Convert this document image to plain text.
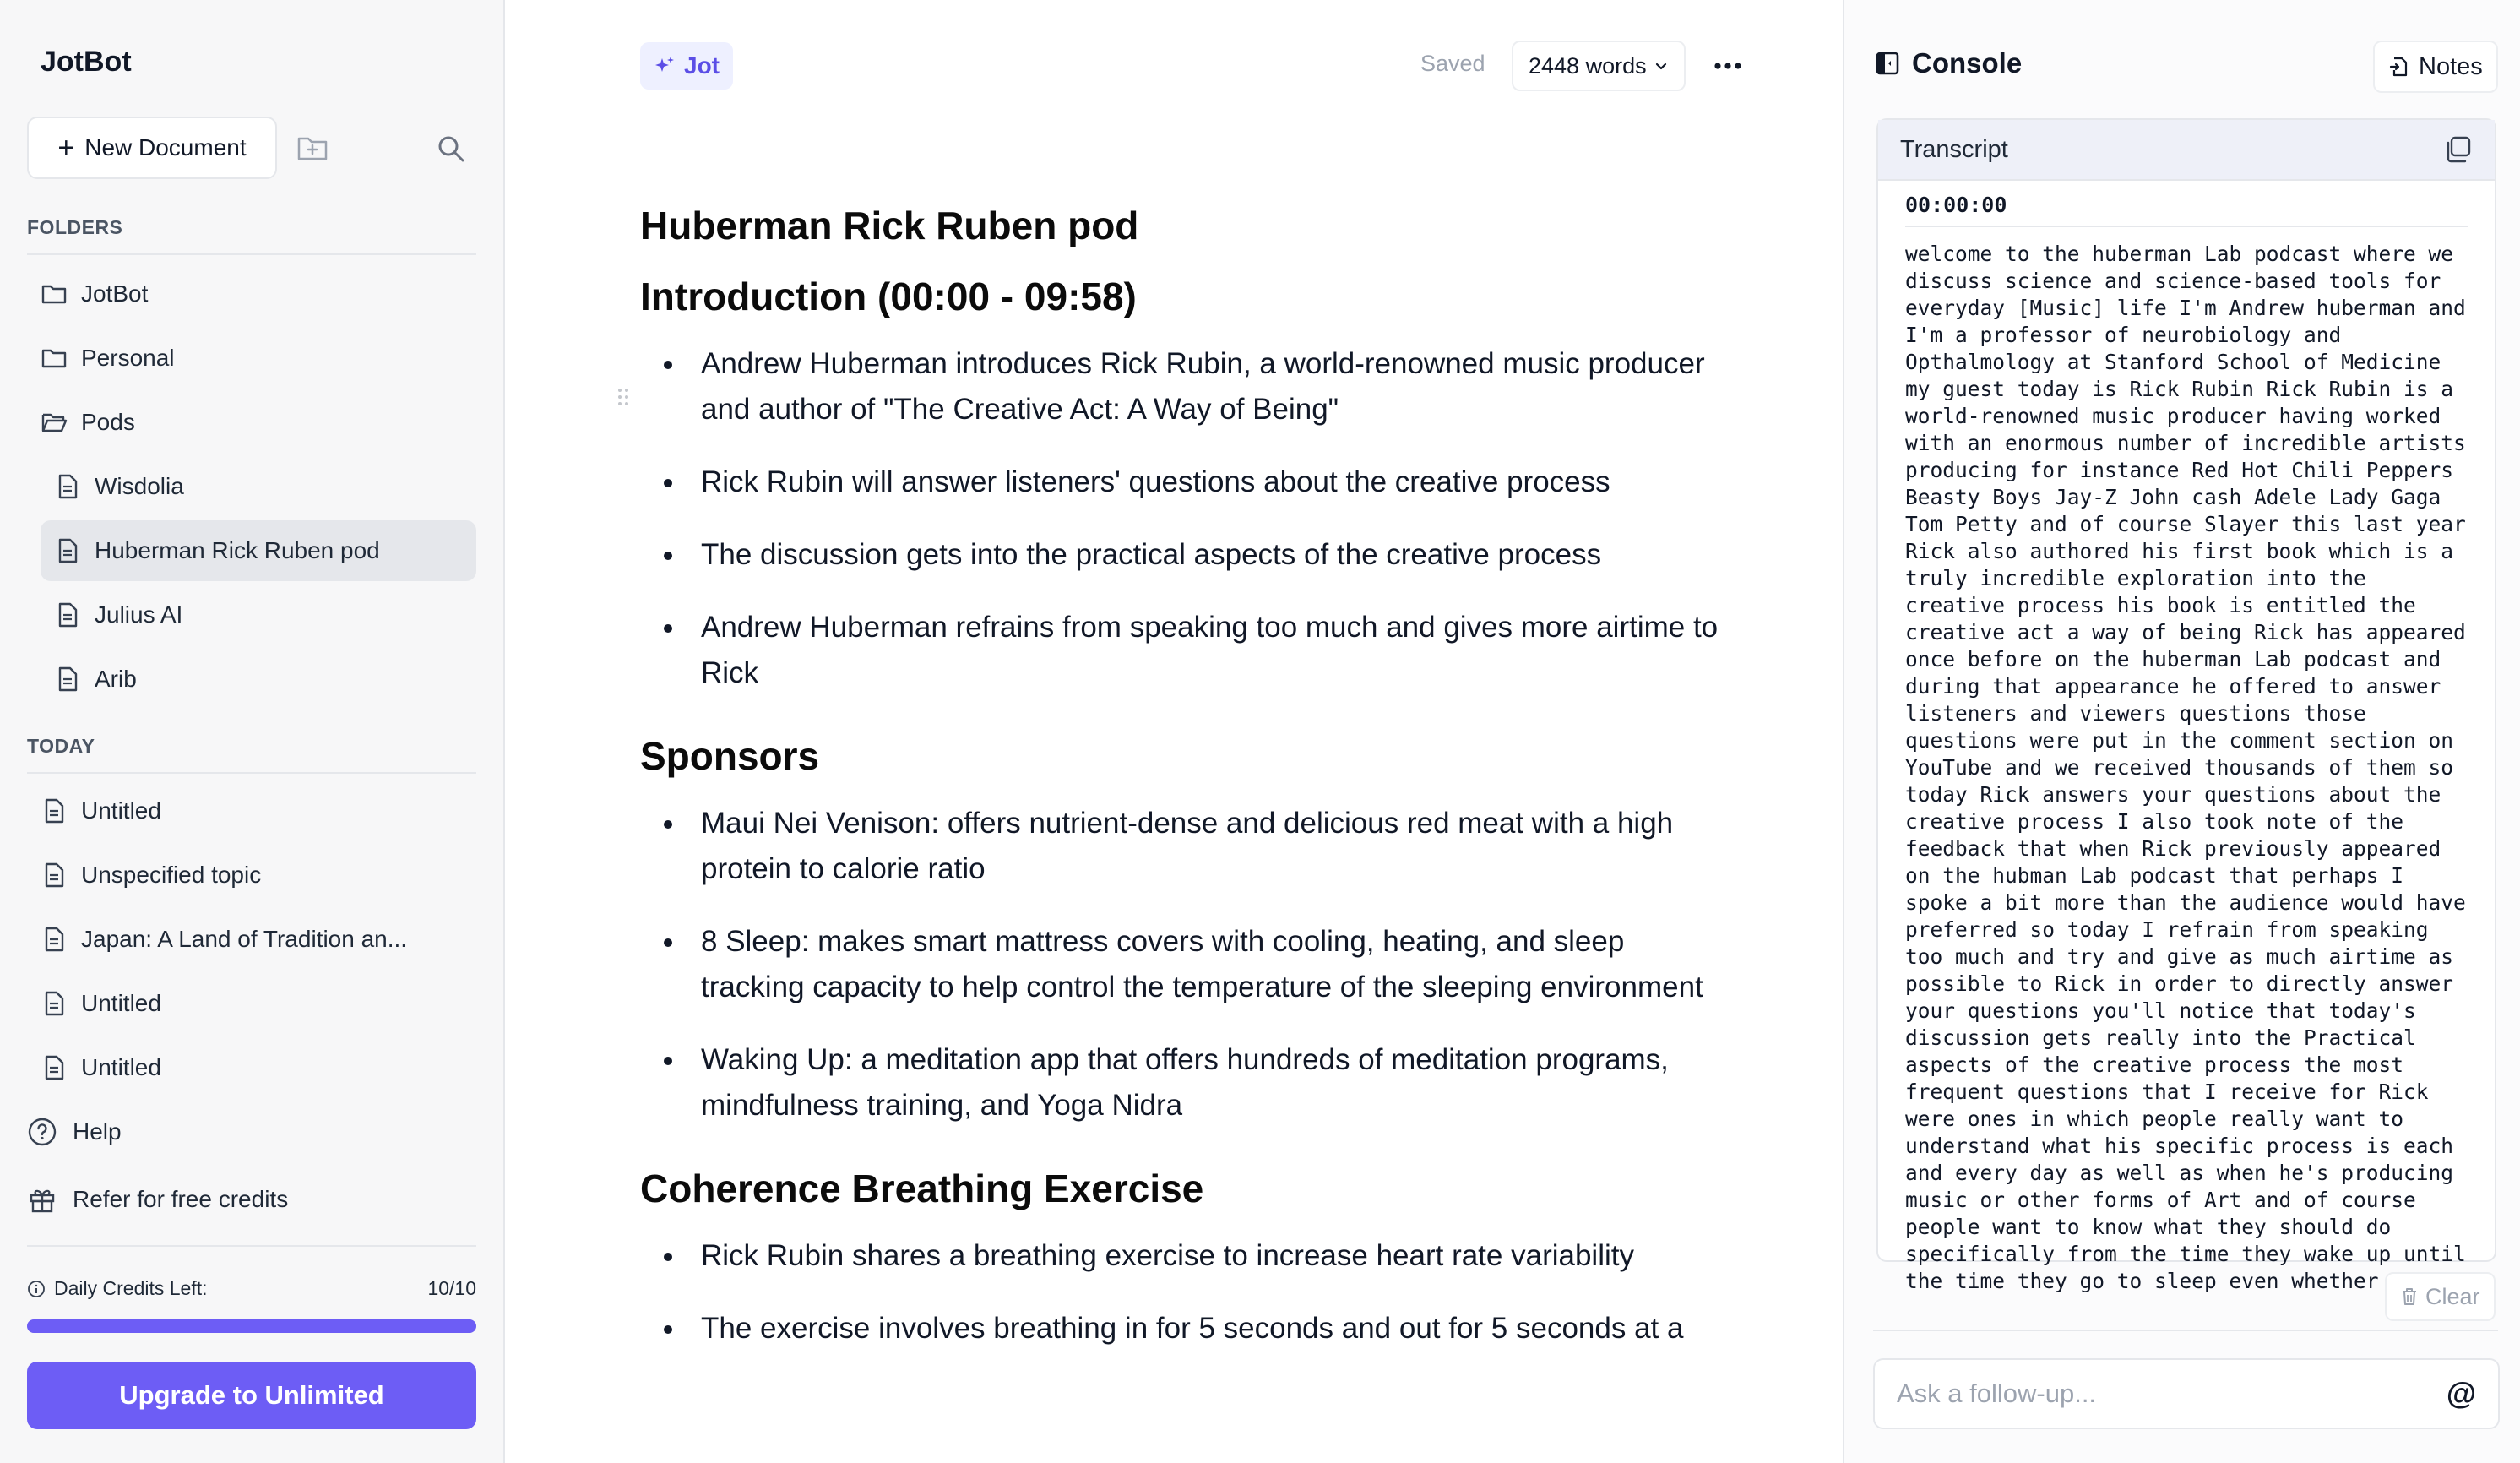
JotBot
+ New Document
FOLDERS
JotBot
Personal
Pods
Wisdolia
Huberman Rick Ruben pod
Julius AI
Arib
TODAY
Untitled
Unspecified topic
Japan: A Land of Tradition an...
Untitled
Untitled
Help
Refer for free credits
Daily Credits Left:	10/10
Upgrade to Unlimited
Jot	Saved 2448 words
Huberman Rick Ruben pod
Introduction (00:00 - 09:58)
Andrew Huberman introduces Rick Rubin, a world-renowned music producer and author of "The Creative Act: A Way of Being"
Rick Rubin will answer listeners' questions about the creative process
The discussion gets into the practical aspects of the creative process
Andrew Huberman refrains from speaking too much and gives more airtime to Rick
Sponsors
Maui Nei Venison: offers nutrient-dense and delicious red meat with a high protein to calorie ratio
8 Sleep: makes smart mattress covers with cooling, heating, and sleep tracking capacity to help control the temperature of the sleeping environment
Waking Up: a meditation app that offers hundreds of meditation programs, mindfulness training, and Yoga Nidra
Coherence Breathing Exercise
Rick Rubin shares a breathing exercise to increase heart rate variability
The exercise involves breathing in for 5 seconds and out for 5 seconds at a
Console	Notes
Transcript
00:00:00
welcome to the huberman Lab podcast where we discuss science and science-based tools for everyday [Music] life I'm Andrew huberman and I'm a professor of neurobiology and Opthalmology at Stanford School of Medicine my guest today is Rick Rubin Rick Rubin is a world-renowned music producer having worked with an enormous number of incredible artists producing for instance Red Hot Chili Peppers Beasty Boys Jay-Z John cash Adele Lady Gaga Tom Petty and of course Slayer this last year Rick also authored his first book which is a truly incredible exploration into the creative process his book is entitled the creative act a way of being Rick has appeared once before on the huberman Lab podcast and during that appearance he offered to answer listeners and viewers questions those questions were put in the comment section on YouTube and we received thousands of them so today Rick answers your questions about the creative process I also took note of the feedback that when Rick previously appeared on the hubman Lab podcast that perhaps I spoke a bit more than the audience would have preferred so today I refrain from speaking too much and try and give as much airtime as possible to Rick in order to directly answer your questions you'll notice that today's discussion gets really into the Practical aspects of the creative process the most frequent questions that I receive for Rick were ones in which people really want to understand what his specific process is each and every day as well as when he's producing music or other forms of Art and of course people want to know what they should do specifically from the time they wake up until the time they go to sleep even whether
Clear
Ask a follow-up...
@
